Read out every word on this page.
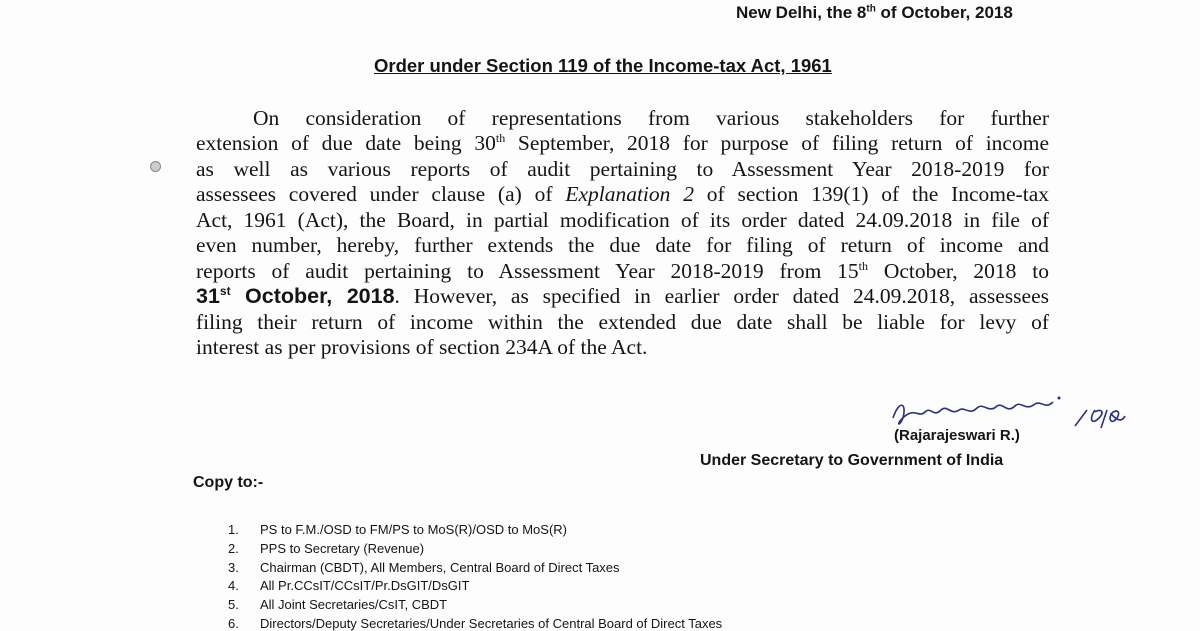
New Delhi, the 8th of October, 2018
Order under Section 119 of the Income-tax Act, 1961
On consideration of representations from various stakeholders for further
extension of due date being 30th September, 2018 for purpose of filing return of income
as well as various reports of audit pertaining to Assessment Year 2018-2019 for
assessees covered under clause (a) of Explanation 2 of section 139(1) of the Income-tax
Act, 1961 (Act), the Board, in partial modification of its order dated 24.09.2018 in file of
even number, hereby, further extends the due date for filing of return of income and
reports of audit pertaining to Assessment Year 2018-2019 from 15th October, 2018 to
31st October, 2018. However, as specified in earlier order dated 24.09.2018, assessees
filing their return of income within the extended due date shall be liable for levy of
interest as per provisions of section 234A of the Act.
(Rajarajeswari R.)
Under Secretary to Government of India
Copy to:-
1. PS to F.M./OSD to FM/PS to MoS(R)/OSD to MoS(R)
2. PPS to Secretary (Revenue)
3. Chairman (CBDT), All Members, Central Board of Direct Taxes
4. All Pr.CCsIT/CCsIT/Pr.DsGIT/DsGIT
5. All Joint Secretaries/CsIT, CBDT
6. Directors/Deputy Secretaries/Under Secretaries of Central Board of Direct Taxes
